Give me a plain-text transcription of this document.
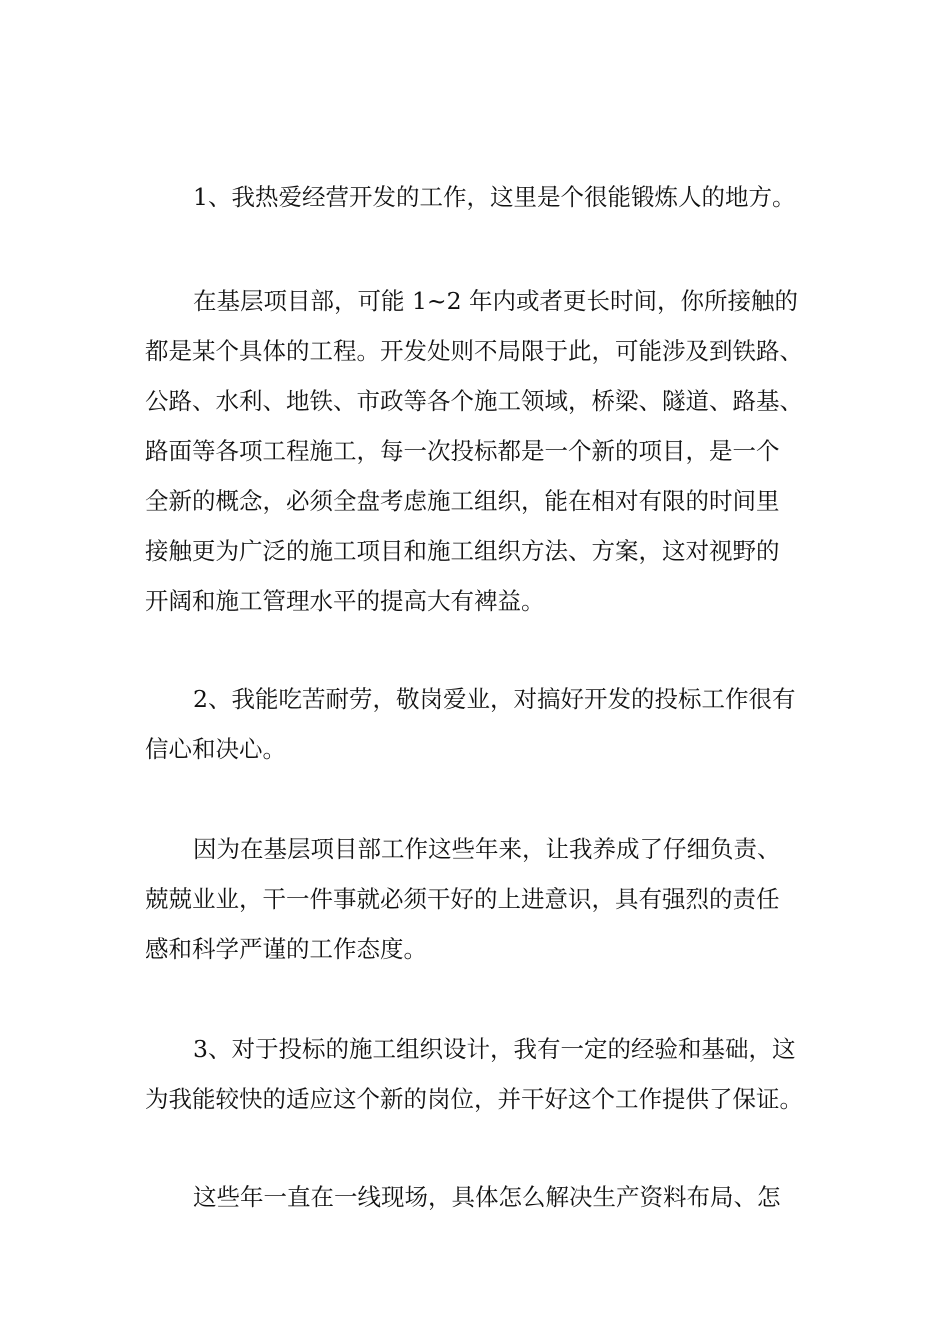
1、我热爱经营开发的工作，这里是个很能锻炼人的地方。

在基层项目部，可能 1~2 年内或者更长时间，你所接触的
都是某个具体的工程。开发处则不局限于此，可能涉及到铁路、
公路、水利、地铁、市政等各个施工领域，桥梁、隧道、路基、
路面等各项工程施工，每一次投标都是一个新的项目，是一个
全新的概念，必须全盘考虑施工组织，能在相对有限的时间里
接触更为广泛的施工项目和施工组织方法、方案，这对视野的
开阔和施工管理水平的提高大有裨益。

2、我能吃苦耐劳，敬岗爱业，对搞好开发的投标工作很有
信心和决心。

因为在基层项目部工作这些年来，让我养成了仔细负责、
兢兢业业，干一件事就必须干好的上进意识，具有强烈的责任
感和科学严谨的工作态度。

3、对于投标的施工组织设计，我有一定的经验和基础，这
为我能较快的适应这个新的岗位，并干好这个工作提供了保证。

这些年一直在一线现场，具体怎么解决生产资料布局、怎
